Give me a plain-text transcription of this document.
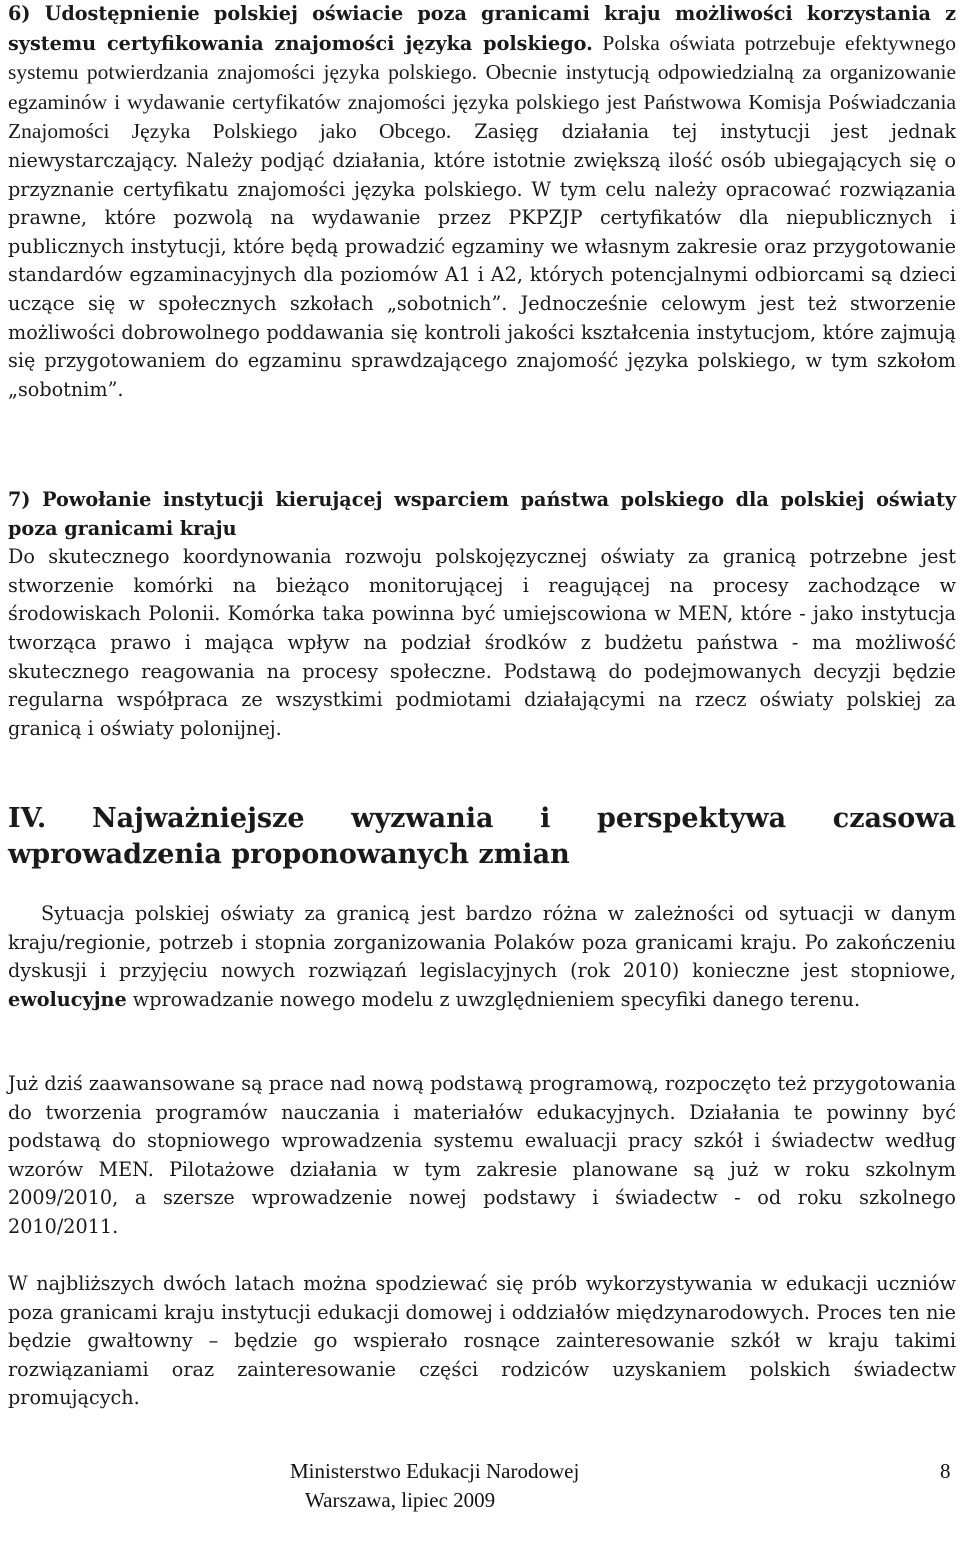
6) Udostępnienie polskiej oświacie poza granicami kraju możliwości korzystania z systemu certyfikowania znajomości języka polskiego. Polska oświata potrzebuje efektywnego systemu potwierdzania znajomości języka polskiego. Obecnie instytucją odpowiedzialną za organizowanie egzaminów i wydawanie certyfikatów znajomości języka polskiego jest Państwowa Komisja Poświadczania Znajomości Języka Polskiego jako Obcego. Zasięg działania tej instytucji jest jednak niewystarczający. Należy podjąć działania, które istotnie zwiększą ilość osób ubiegających się o przyznanie certyfikatu znajomości języka polskiego. W tym celu należy opracować rozwiązania prawne, które pozwolą na wydawanie przez PKPZJP certyfikatów dla niepublicznych i publicznych instytucji, które będą prowadzić egzaminy we własnym zakresie oraz przygotowanie standardów egzaminacyjnych dla poziomów A1 i A2, których potencjalnymi odbiorcami są dzieci uczące się w społecznych szkołach „sobotnich”. Jednocześnie celowym jest też stworzenie możliwości dobrowolnego poddawania się kontroli jakości kształcenia instytucjom, które zajmują się przygotowaniem do egzaminu sprawdzającego znajomość języka polskiego, w tym szkołom „sobotnim”.

7) Powołanie instytucji kierującej wsparciem państwa polskiego dla polskiej oświaty poza granicami kraju
Do skutecznego koordynowania rozwoju polskojęzycznej oświaty za granicą potrzebne jest stworzenie komórki na bieżąco monitorującej i reagującej na procesy zachodzące w środowiskach Polonii. Komórka taka powinna być umiejscowiona w MEN, które - jako instytucja tworząca prawo i mająca wpływ na podział środków z budżetu państwa - ma możliwość skutecznego reagowania na procesy społeczne. Podstawą do podejmowanych decyzji będzie regularna współpraca ze wszystkimi podmiotami działającymi na rzecz oświaty polskiej za granicą i oświaty polonijnej.

IV. Najważniejsze wyzwania i perspektywa czasowa wprowadzenia proponowanych zmian

Sytuacja polskiej oświaty za granicą jest bardzo różna w zależności od sytuacji w danym kraju/regionie, potrzeb i stopnia zorganizowania Polaków poza granicami kraju. Po zakończeniu dyskusji i przyjęciu nowych rozwiązań legislacyjnych (rok 2010) konieczne jest stopniowe, ewolucyjne wprowadzanie nowego modelu z uwzględnieniem specyfiki danego terenu.

Już dziś zaawansowane są prace nad nową podstawą programową, rozpoczęto też przygotowania do tworzenia programów nauczania i materiałów edukacyjnych. Działania te powinny być podstawą do stopniowego wprowadzenia systemu ewaluacji pracy szkół i świadectw według wzorów MEN. Pilotażowe działania w tym zakresie planowane są już w roku szkolnym 2009/2010, a szersze wprowadzenie nowej podstawy i świadectw - od roku szkolnego 2010/2011.

W najbliższych dwóch latach można spodziewać się prób wykorzystywania w edukacji uczniów poza granicami kraju instytucji edukacji domowej i oddziałów międzynarodowych. Proces ten nie będzie gwałtowny – będzie go wspierało rosnące zainteresowanie szkół w kraju takimi rozwiązaniami oraz zainteresowanie części rodziców uzyskaniem polskich świadectw promujących.

Ministerstwo Edukacji Narodowej
Warszawa, lipiec 2009
8
